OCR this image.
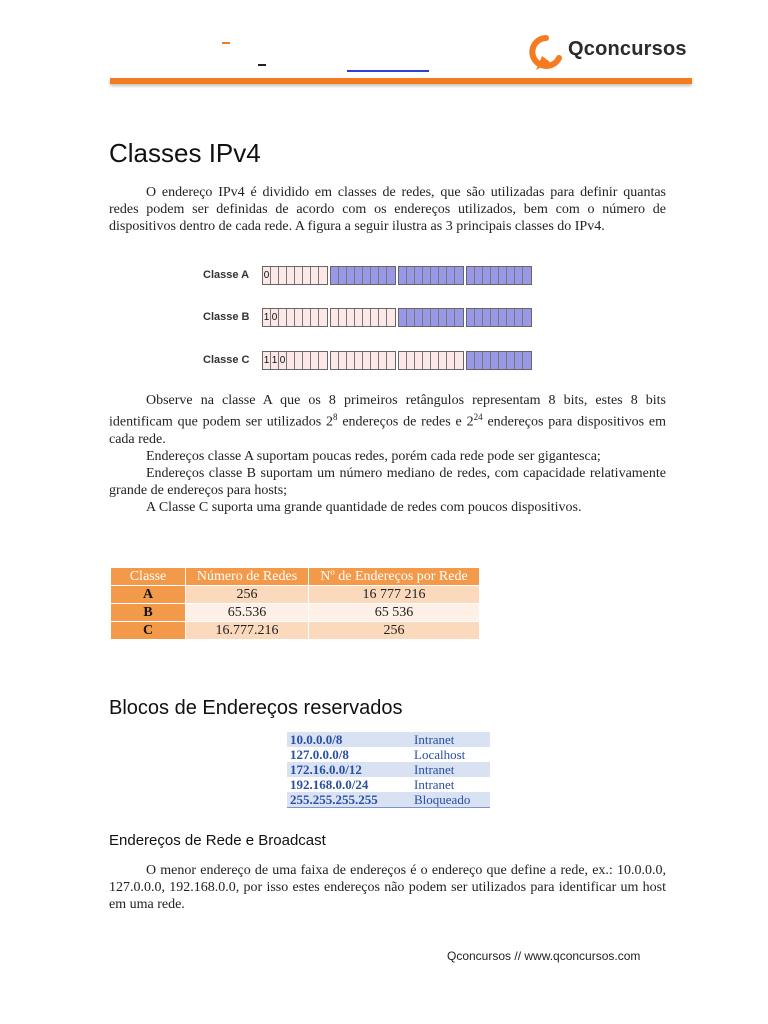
Qconcursos
Classes IPv4

O endereço IPv4 é dividido em classes de redes, que são utilizadas para definir quantas redes podem ser definidas de acordo com os endereços utilizados, bem com o número de dispositivos dentro de cada rede. A figura a seguir ilustra as 3 principais classes do IPv4.

Classe A 0
Classe B 1 0
Classe C 1 1 0

Observe na classe A que os 8 primeiros retângulos representam 8 bits, estes 8 bits identificam que podem ser utilizados $2^8$ endereços de redes e $2^{24}$ endereços para dispositivos em cada rede.

Endereços classe A suportam poucas redes, porém cada rede pode ser gigantesca;

Endereços classe B suportam um número mediano de redes, com capacidade relativamente grande de endereços para hosts;

A Classe C suporta uma grande quantidade de redes com poucos dispositivos.

Classe	Número de Redes	Nº de Endereços por Rede
A	256	16 777 216
B	65.536	65 536
C	16.777.216	256
Blocos de Endereços reservados
10.0.0.0/8	Intranet
127.0.0.0/8	Localhost
172.16.0.0/12	Intranet
192.168.0.0/24	Intranet
255.255.255.255	Bloqueado
Endereços de Rede e Broadcast

O menor endereço de uma faixa de endereços é o endereço que define a rede, ex.: 10.0.0.0, 127.0.0.0, 192.168.0.0, por isso estes endereços não podem ser utilizados para identificar um host em uma rede.

Qconcursos // www.qconcursos.com
